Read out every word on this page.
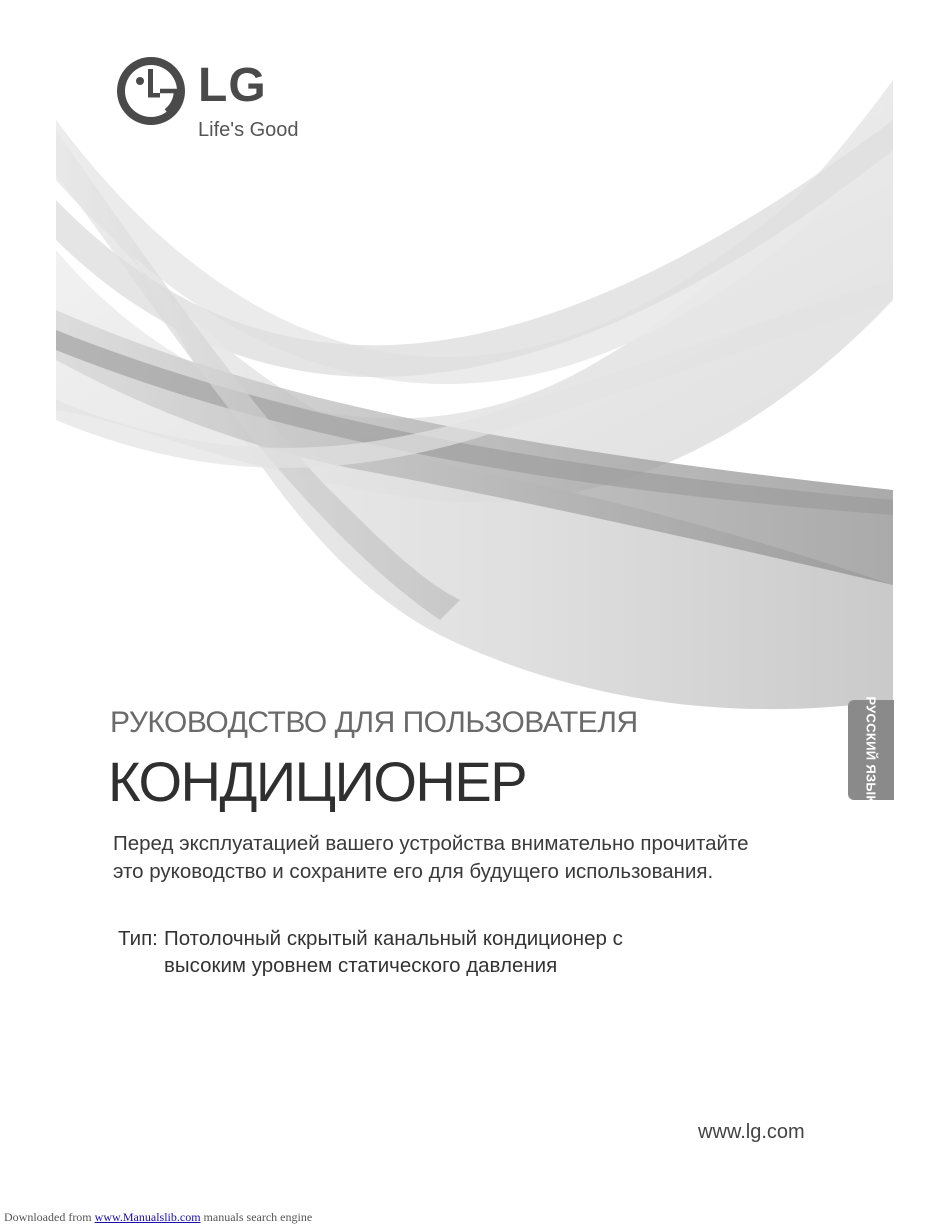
LG
Life's Good
РУКОВОДСТВО ДЛЯ ПОЛЬЗОВАТЕЛЯ
КОНДИЦИОНЕР
Перед эксплуатацией вашего устройства внимательно прочитайте
это руководство и сохраните его для будущего использования.
Тип: Потолочный скрытый канальный кондиционер с
высоким уровнем статического давления
РУССКИЙ ЯЗЫК
www.lg.com
Downloaded from www.Manualslib.com manuals search engine
